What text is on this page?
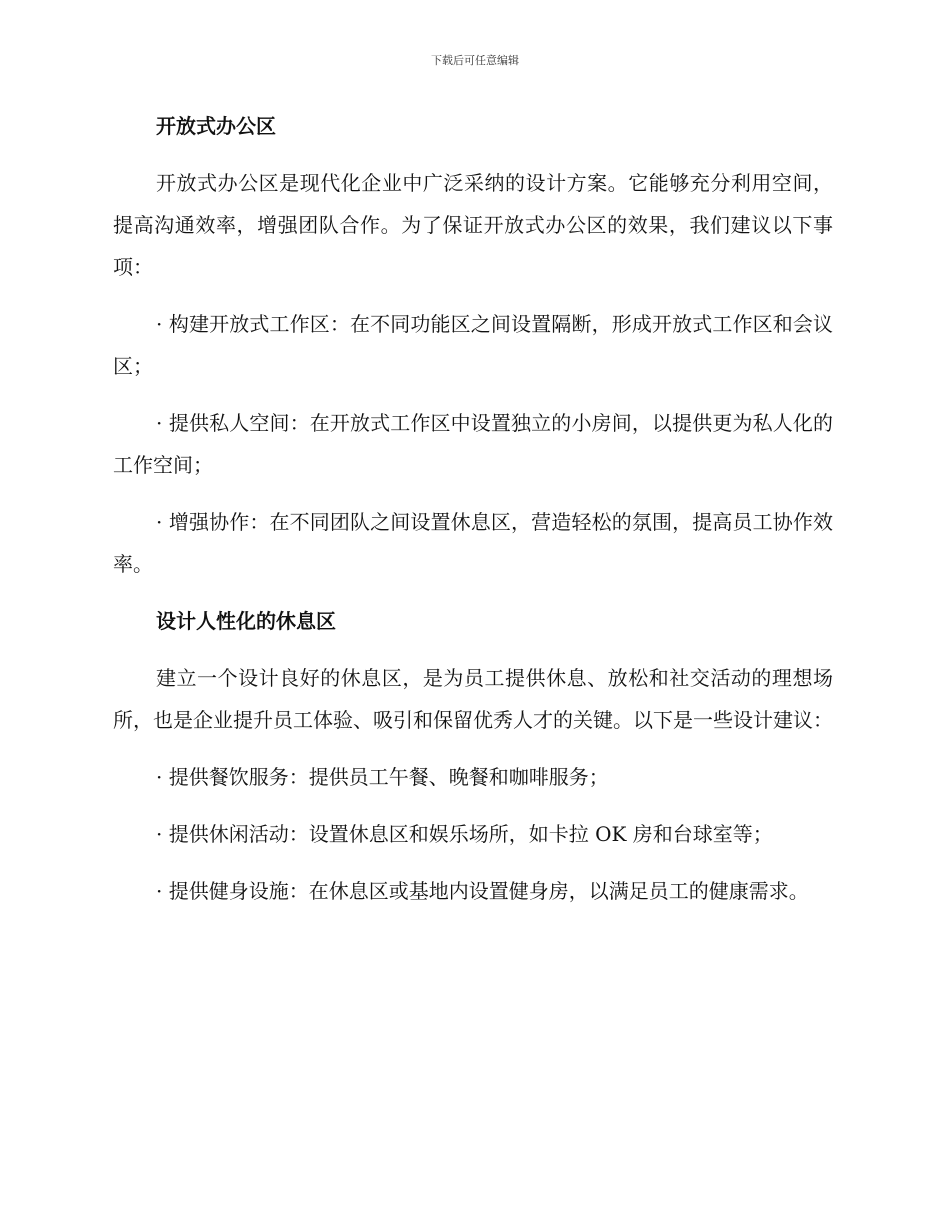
下载后可任意编辑
开放式办公区
开放式办公区是现代化企业中广泛采纳的设计方案。它能够充分利用空间，提高沟通效率，增强团队合作。为了保证开放式办公区的效果，我们建议以下事项：
· 构建开放式工作区：在不同功能区之间设置隔断，形成开放式工作区和会议区；
· 提供私人空间：在开放式工作区中设置独立的小房间，以提供更为私人化的工作空间；
· 增强协作：在不同团队之间设置休息区，营造轻松的氛围，提高员工协作效率。
设计人性化的休息区
建立一个设计良好的休息区，是为员工提供休息、放松和社交活动的理想场所，也是企业提升员工体验、吸引和保留优秀人才的关键。以下是一些设计建议：
· 提供餐饮服务：提供员工午餐、晚餐和咖啡服务；
· 提供休闲活动：设置休息区和娱乐场所，如卡拉 OK 房和台球室等；
· 提供健身设施：在休息区或基地内设置健身房，以满足员工的健康需求。
